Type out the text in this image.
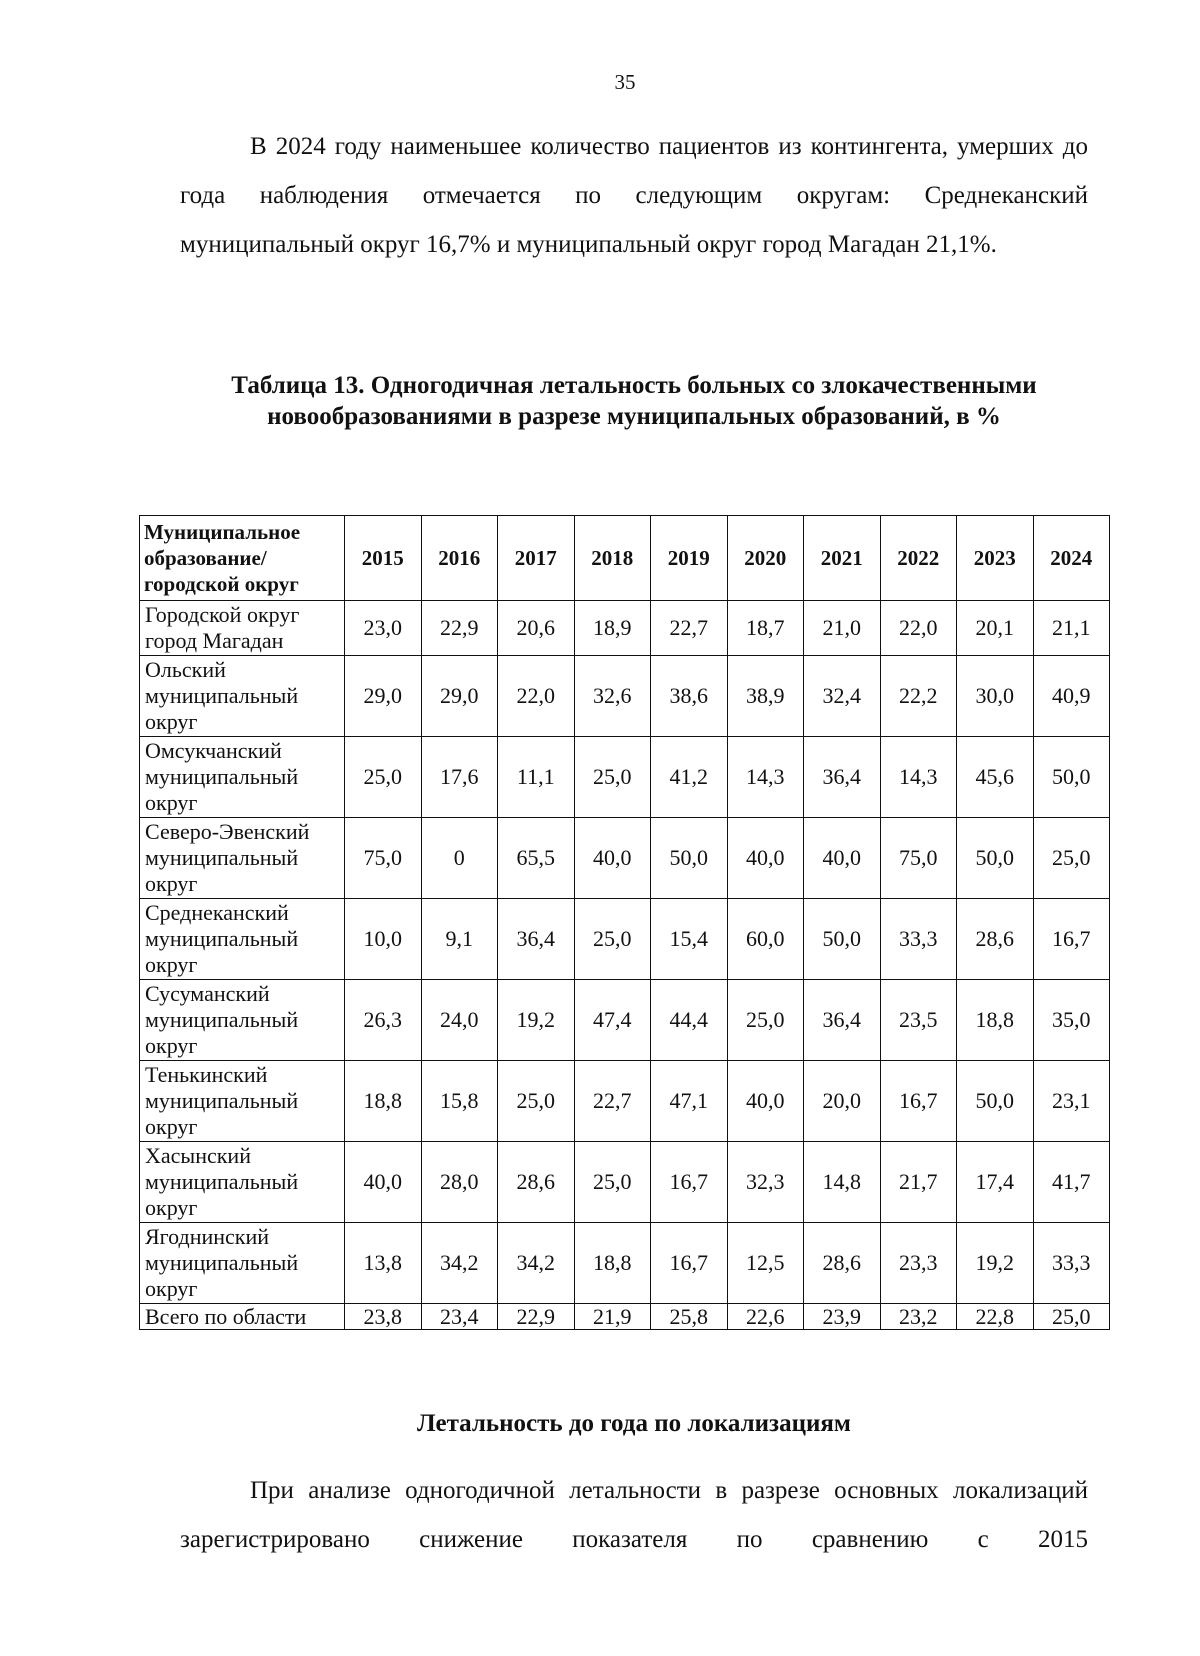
35

В 2024 году наименьшее количество пациентов из контингента, умерших до года наблюдения отмечается по следующим округам: Среднеканский муниципальный округ 16,7% и муниципальный округ город Магадан 21,1%.

Таблица 13. Одногодичная летальность больных со злокачественными новообразованиями в разрезе муниципальных образований, в %

Муниципальное образование/городской округ	2015	2016	2017	2018	2019	2020	2021	2022	2023	2024
Городской округ город Магадан	23,0	22,9	20,6	18,9	22,7	18,7	21,0	22,0	20,1	21,1
Ольский муниципальный округ	29,0	29,0	22,0	32,6	38,6	38,9	32,4	22,2	30,0	40,9
Омсукчанский муниципальный округ	25,0	17,6	11,1	25,0	41,2	14,3	36,4	14,3	45,6	50,0
Северо-Эвенский муниципальный округ	75,0	0	65,5	40,0	50,0	40,0	40,0	75,0	50,0	25,0
Среднеканский муниципальный округ	10,0	9,1	36,4	25,0	15,4	60,0	50,0	33,3	28,6	16,7
Сусуманский муниципальный округ	26,3	24,0	19,2	47,4	44,4	25,0	36,4	23,5	18,8	35,0
Тенькинский муниципальный округ	18,8	15,8	25,0	22,7	47,1	40,0	20,0	16,7	50,0	23,1
Хасынский муниципальный округ	40,0	28,0	28,6	25,0	16,7	32,3	14,8	21,7	17,4	41,7
Ягоднинский муниципальный округ	13,8	34,2	34,2	18,8	16,7	12,5	28,6	23,3	19,2	33,3
Всего по области	23,8	23,4	22,9	21,9	25,8	22,6	23,9	23,2	22,8	25,0

Летальность до года по локализациям

При анализе одногодичной летальности в разрезе основных локализаций зарегистрировано снижение показателя по сравнению с 2015
